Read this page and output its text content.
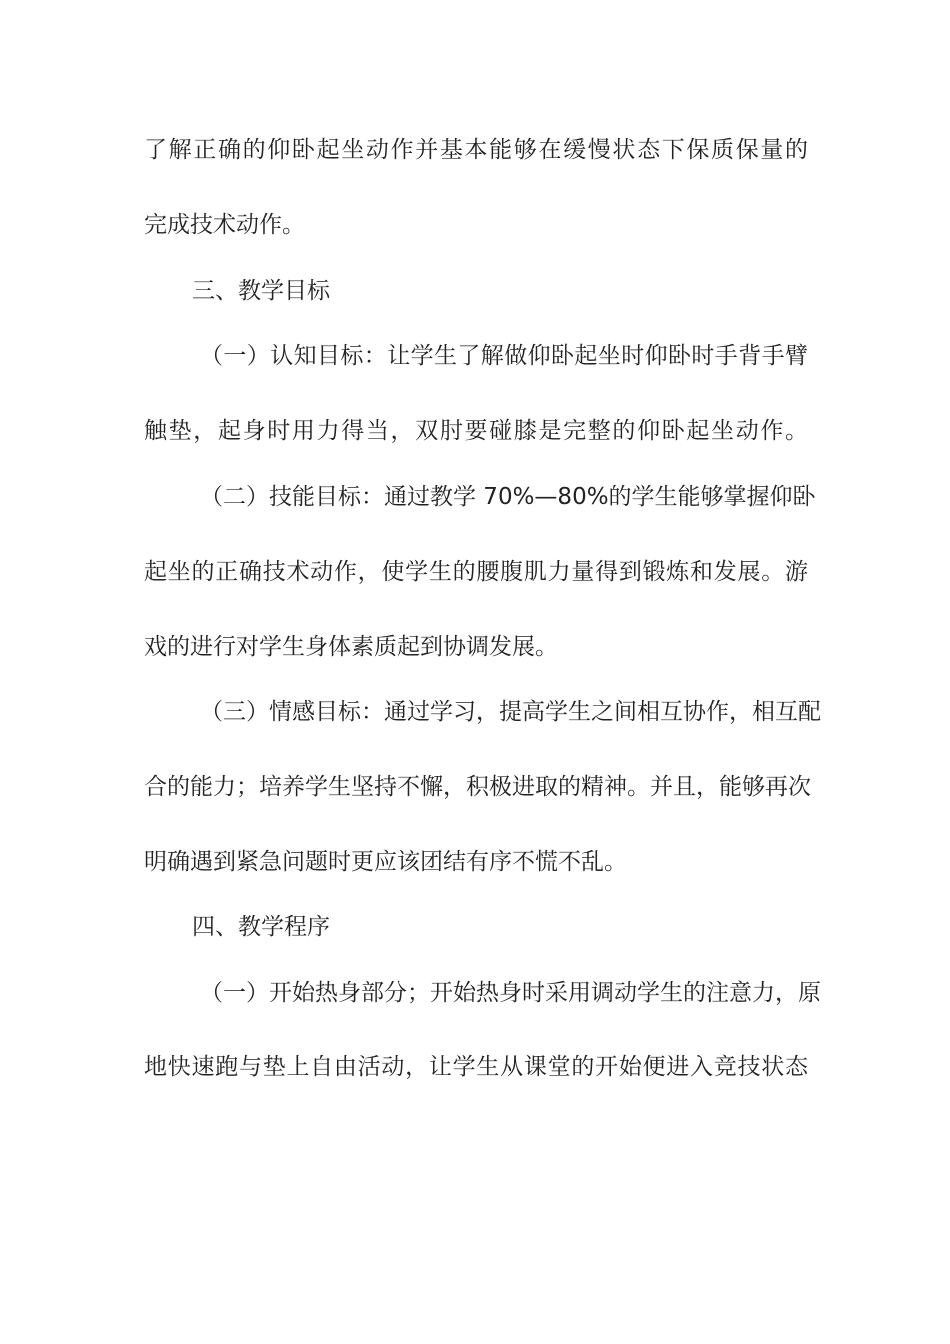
了解正确的仰卧起坐动作并基本能够在缓慢状态下保质保量的
完成技术动作。
三、教学目标
（一）认知目标：让学生了解做仰卧起坐时仰卧时手背手臂
触垫，起身时用力得当，双肘要碰膝是完整的仰卧起坐动作。
（二）技能目标：通过教学 70%—80%的学生能够掌握仰卧
起坐的正确技术动作，使学生的腰腹肌力量得到锻炼和发展。游
戏的进行对学生身体素质起到协调发展。
（三）情感目标：通过学习，提高学生之间相互协作，相互配
合的能力；培养学生坚持不懈，积极进取的精神。并且，能够再次
明确遇到紧急问题时更应该团结有序不慌不乱。
四、教学程序
（一）开始热身部分；开始热身时采用调动学生的注意力，原
地快速跑与垫上自由活动，让学生从课堂的开始便进入竞技状态
